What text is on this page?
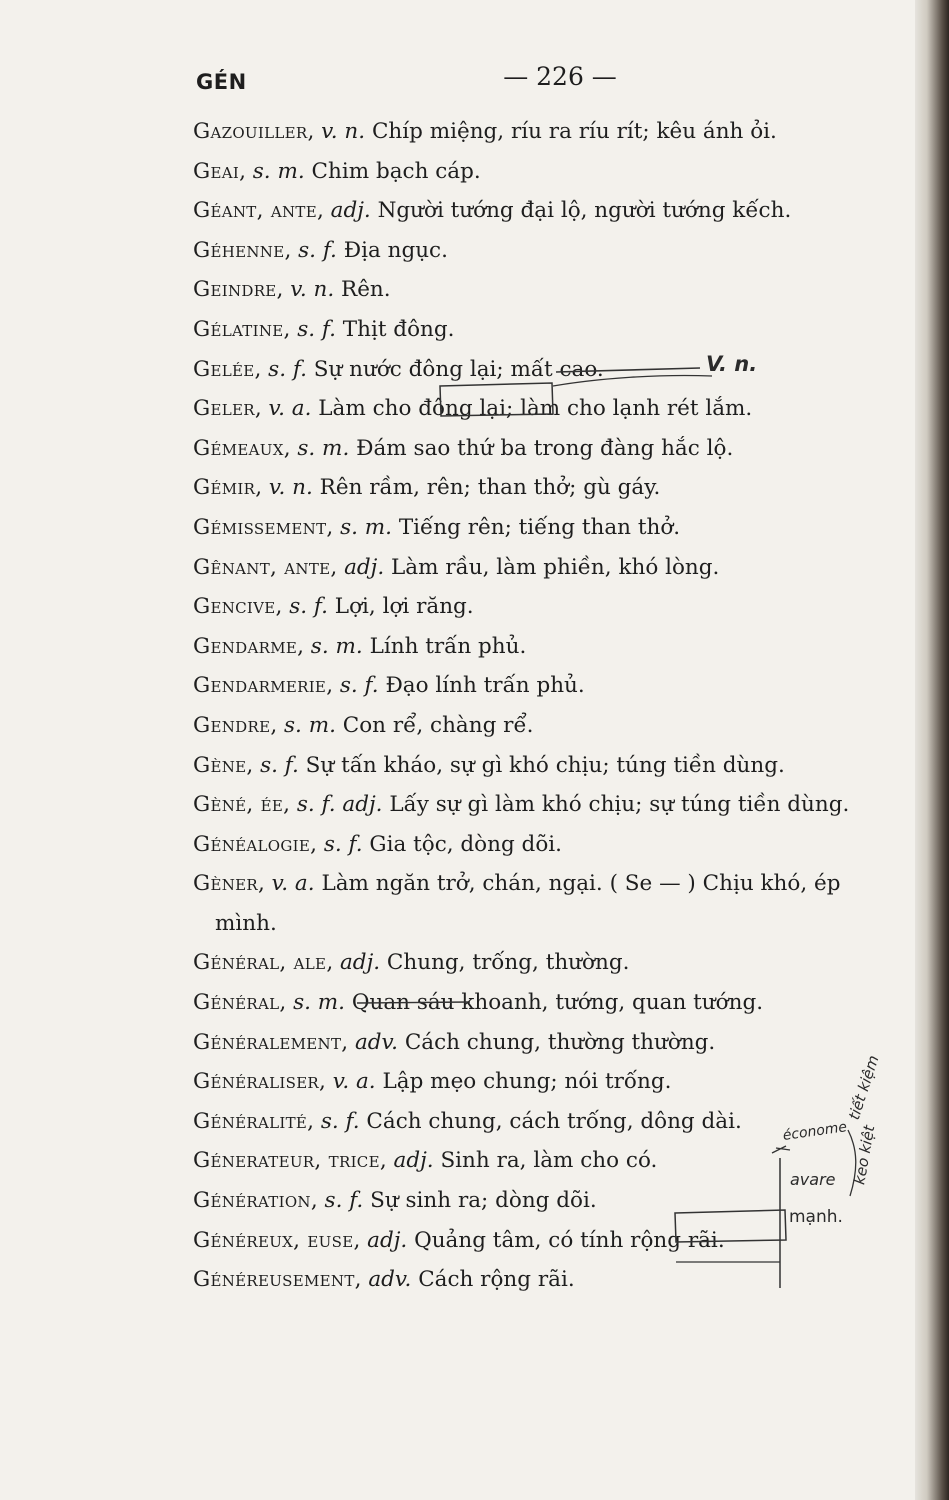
GÉN	— 226 —
Gazouiller, v. n. Chíp miệng, ríu ra ríu rít; kêu ánh ỏi.
Geai, s. m. Chim bạch cáp.
Géant, ante, adj. Người tướng đại lộ, người tướng kếch.
Géhenne, s. f. Địa ngục.
Geindre, v. n. Rên.
Gélatine, s. f. Thịt đông.
Gelée, s. f. Sự nước đông lại; mất cao.
Geler, v. a. Làm cho đông lại; làm cho lạnh rét lắm.
Gémeaux, s. m. Đám sao thứ ba trong đàng hắc lộ.
Gémir, v. n. Rên rầm, rên; than thở; gù gáy.
Gémissement, s. m. Tiếng rên; tiếng than thở.
Gênant, ante, adj. Làm rầu, làm phiền, khó lòng.
Gencive, s. f. Lợi, lợi răng.
Gendarme, s. m. Lính trấn phủ.
Gendarmerie, s. f. Đạo lính trấn phủ.
Gendre, s. m. Con rể, chàng rể.
Gène, s. f. Sự tấn kháo, sự gì khó chịu; túng tiền dùng.
Gèné, ée, s. f. adj. Lấy sự gì làm khó chịu; sự túng tiền dùng.
Généalogie, s. f. Gia tộc, dòng dõi.
Gèner, v. a. Làm ngăn trở, chán, ngại. ( Se — ) Chịu khó, ép
mình.
Général, ale, adj. Chung, trống, thường.
Général, s. m. Quan sáu khoanh, tướng, quan tướng.
Généralement, adv. Cách chung, thường thường.
Généraliser, v. a. Lập mẹo chung; nói trống.
Généralité, s. f. Cách chung, cách trống, dông dài.
Génerateur, trice, adj. Sinh ra, làm cho có.
Génération, s. f. Sự sinh ra; dòng dõi.
Généreux, euse, adj. Quảng tâm, có tính rộng rãi.
Généreusement, adv. Cách rộng rãi.
V. n.
économe
tiết kiệm
avare keo kiệt
mạnh.
